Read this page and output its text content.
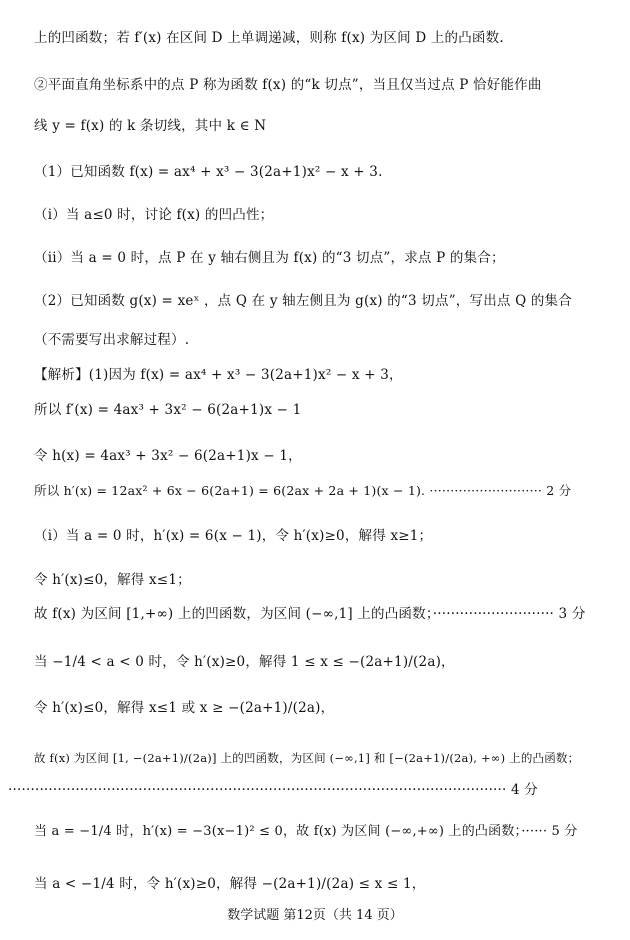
上的凹函数；若 f′(x) 在区间 D 上单调递减，则称 f(x) 为区间 D 上的凸函数.
②平面直角坐标系中的点 P 称为函数 f(x) 的“k 切点”，当且仅当过点 P 恰好能作曲
线 y = f(x) 的 k 条切线，其中 k ∈ N
（1）已知函数 f(x) = ax⁴ + x³ − 3(2a+1)x² − x + 3.
（i）当 a≤0 时，讨论 f(x) 的凹凸性；
（ii）当 a = 0 时，点 P 在 y 轴右侧且为 f(x) 的“3 切点”，求点 P 的集合；
（2）已知函数 g(x) = xeˣ ，点 Q 在 y 轴左侧且为 g(x) 的“3 切点”，写出点 Q 的集合
（不需要写出求解过程）.
【解析】(1)因为 f(x) = ax⁴ + x³ − 3(2a+1)x² − x + 3，
所以 f′(x) = 4ax³ + 3x² − 6(2a+1)x − 1
令 h(x) = 4ax³ + 3x² − 6(2a+1)x − 1，
所以 h′(x) = 12ax² + 6x − 6(2a+1) = 6(2ax + 2a + 1)(x − 1). ··························· 2 分
（i）当 a = 0 时，h′(x) = 6(x − 1)，令 h′(x)≥0，解得 x≥1；
令 h′(x)≤0，解得 x≤1；
故 f(x) 为区间 [1,+∞) 上的凹函数，为区间 (−∞,1] 上的凸函数；··························· 3 分
当 −1/4 < a < 0 时，令 h′(x)≥0，解得 1 ≤ x ≤ −(2a+1)/(2a)，
令 h′(x)≤0，解得 x≤1 或 x ≥ −(2a+1)/(2a)，
故 f(x) 为区间 [1, −(2a+1)/(2a)] 上的凹函数，为区间 (−∞,1] 和 [−(2a+1)/(2a), +∞) 上的凸函数；
··············································································································· 4 分
当 a = −1/4 时，h′(x) = −3(x−1)² ≤ 0，故 f(x) 为区间 (−∞,+∞) 上的凸函数；······ 5 分
当 a < −1/4 时，令 h′(x)≥0，解得 −(2a+1)/(2a) ≤ x ≤ 1，
数学试题 第12页（共 14 页）
